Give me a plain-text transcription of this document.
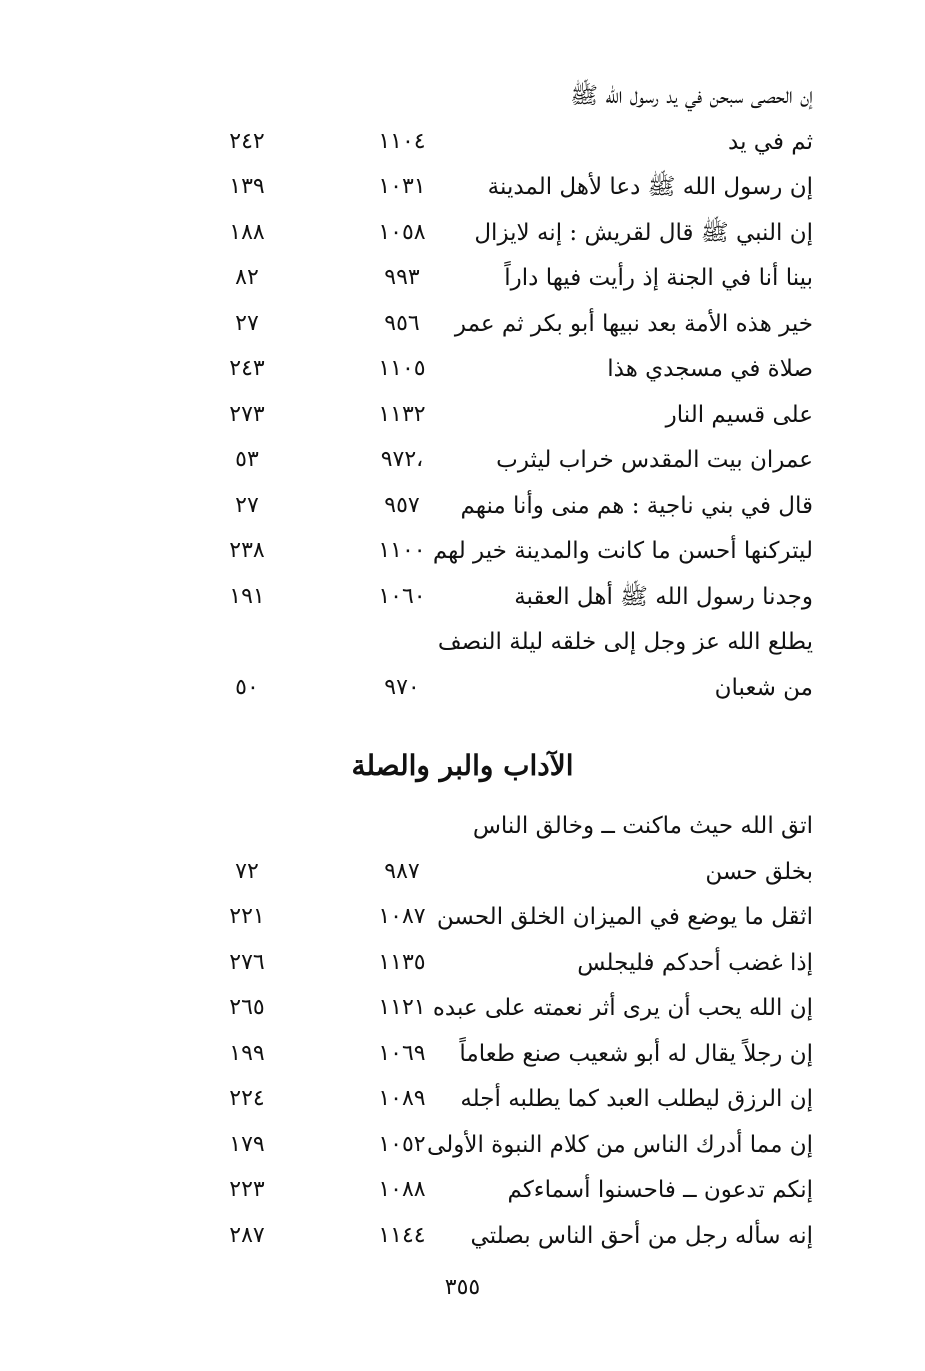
إن الحصى سبحن في يد رسول الله ﷺ
ثم في يد
١١٠٤
٢٤٢
إن رسول الله ﷺ دعا لأهل المدينة
١٠٣١
١٣٩
إن النبي ﷺ قال لقريش : إنه لايزال
١٠٥٨
١٨٨
بينا أنا في الجنة إذ رأيت فيها داراً
٩٩٣
٨٢
خير هذه الأمة بعد نبيها أبو بكر ثم عمر
٩٥٦
٢٧
صلاة في مسجدي هذا
١١٠٥
٢٤٣
على قسيم النار
١١٣٢
٢٧٣
عمران بيت المقدس خراب ليثرب
٩٧٢،
٥٣
قال في بني ناجية : هم منى وأنا منهم
٩٥٧
٢٧
ليتركنها أحسن ما كانت والمدينة خير لهم
١١٠٠
٢٣٨
وجدنا رسول الله ﷺ أهل العقبة
١٠٦٠
١٩١
يطلع الله عز وجل إلى خلقه ليلة النصف
من شعبان
٩٧٠
٥٠
الآداب والبر والصلة
اتق الله حيث ماكنت ــ وخالق الناس
بخلق حسن
٩٨٧
٧٢
اثقل ما يوضع في الميزان الخلق الحسن
١٠٨٧
٢٢١
إذا غضب أحدكم فليجلس
١١٣٥
٢٧٦
إن الله يحب أن يرى أثر نعمته على عبده
١١٢١
٢٦٥
إن رجلاً يقال له أبو شعيب صنع طعاماً
١٠٦٩
١٩٩
إن الرزق ليطلب العبد كما يطلبه أجله
١٠٨٩
٢٢٤
إن مما أدرك الناس من كلام النبوة الأولى
١٠٥٢
١٧٩
إنكم تدعون ــ فاحسنوا أسماءكم
١٠٨٨
٢٢٣
إنه سأله رجل من أحق الناس بصلتي
١١٤٤
٢٨٧
٣٥٥
